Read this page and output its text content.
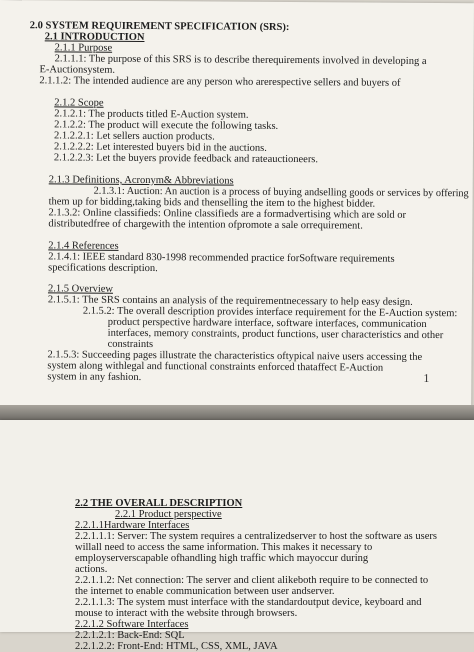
2.0 SYSTEM REQUIREMENT SPECIFICATION (SRS):
2.1 INTRODUCTION
2.1.1 Purpose
2.1.1.1: The purpose of this SRS is to describe therequirements involved in developing a
E-Auctionsystem.
2.1.1.2: The intended audience are any person who arerespective sellers and buyers of
2.1.2 Scope
2.1.2.1: The products titled E-Auction system.
2.1.2.2: The product will execute the following tasks.
2.1.2.2.1: Let sellers auction products.
2.1.2.2.2: Let interested buyers bid in the auctions.
2.1.2.2.3: Let the buyers provide feedback and rateauctioneers.
2.1.3 Definitions, Acronym& Abbreviations
2.1.3.1: Auction: An auction is a process of buying andselling goods or services by offering
them up for bidding,taking bids and thenselling the item to the highest bidder.
2.1.3.2: Online classifieds: Online classifieds are a formadvertising which are sold or
distributedfree of chargewith the intention ofpromote a sale orrequirement.
2.1.4 References
2.1.4.1: IEEE standard 830-1998 recommended practice forSoftware requirements
specifications description.
2.1.5 Overview
2.1.5.1: The SRS contains an analysis of the requirementnecessary to help easy design.
2.1.5.2: The overall description provides interface requirement for the E-Auction system:
product perspective hardware interface, software interfaces, communication
interfaces, memory constraints, product functions, user characteristics and other
constraints
2.1.5.3: Succeeding pages illustrate the characteristics oftypical naive users accessing the
system along withlegal and functional constraints enforced thataffect E-Auction
system in any fashion.	1
2.2 THE OVERALL DESCRIPTION
2.2.1 Product perspective
2.2.1.1Hardware Interfaces
2.2.1.1.1: Server: The system requires a centralizedserver to host the software as users
willall need to access the same information. This makes it necessary to
employserverscapable ofhandling high traffic which mayoccur during
actions.
2.2.1.1.2: Net connection: The server and client alikeboth require to be connected to
the internet to enable communication between user andserver.
2.2.1.1.3: The system must interface with the standardoutput device, keyboard and
mouse to interact with the website through browsers.
2.2.1.2 Software Interfaces
2.2.1.2.1: Back-End: SQL
2.2.1.2.2: Front-End: HTML, CSS, XML, JAVA
